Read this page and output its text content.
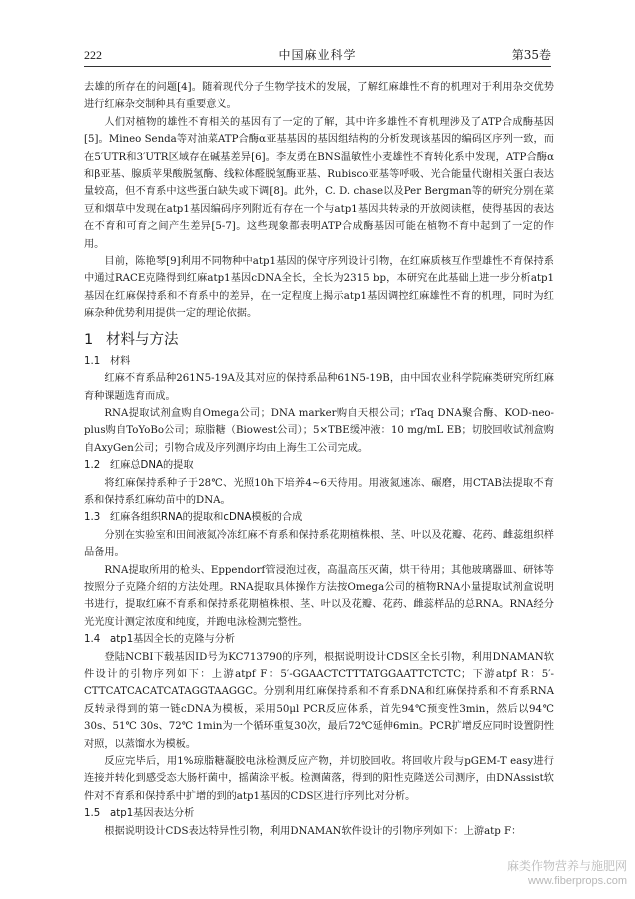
222	中国麻业科学	第35卷

去雄的所存在的问题[4]。随着现代分子生物学技术的发展，了解红麻雄性不育的机理对于利用杂交优势进行红麻杂交制种具有重要意义。

人们对植物的雄性不育相关的基因有了一定的了解，其中许多雄性不育机理涉及了ATP合成酶基因[5]。Mineo Senda等对油菜ATP合酶α亚基基因的基因组结构的分析发现该基因的编码区序列一致，而在5′UTR和3′UTR区域存在碱基差异[6]。李友勇在BNS温敏性小麦雄性不育转化系中发现，ATP合酶α和β亚基、腺质苹果酸脱氢酶、线粒体醛脱氢酶亚基、Rubisco亚基等呼吸、光合能量代谢相关蛋白表达量较高，但不育系中这些蛋白缺失或下调[8]。此外，C. D. chase以及Per Bergman等的研究分别在菜豆和烟草中发现在atp1基因编码序列附近有存在一个与atp1基因共转录的开放阅读框，使得基因的表达在不育和可育之间产生差异[5-7]。这些现象都表明ATP合成酶基因可能在植物不育中起到了一定的作用。

目前，陈艳琴[9]利用不同物种中atp1基因的保守序列设计引物，在红麻质核互作型雄性不育保持系中通过RACE克隆得到红麻atp1基因cDNA全长，全长为2315 bp，本研究在此基础上进一步分析atp1基因在红麻保持系和不育系中的差异，在一定程度上揭示atp1基因调控红麻雄性不育的机理，同时为红麻杂种优势利用提供一定的理论依据。

1 材料与方法
1.1 材料

红麻不育系品种261N5-19A及其对应的保持系品种61N5-19B，由中国农业科学院麻类研究所红麻育种课题选育而成。

RNA提取试剂盒购自Omega公司；DNA marker购自天根公司；rTaq DNA聚合酶、KOD-neo-plus购自ToYoBo公司；琼脂糖（Biowest公司）；5×TBE缓冲液：10 mg/mL EB；切胶回收试剂盒购自AxyGen公司；引物合成及序列测序均由上海生工公司完成。

1.2 红麻总DNA的提取

将红麻保持系种子于28℃、光照10h下培养4~6天待用。用液氮速冻、碾磨，用CTAB法提取不育系和保持系红麻幼苗中的DNA。

1.3 红麻各组织RNA的提取和cDNA模板的合成

分别在实验室和田间液氮冷冻红麻不育系和保持系花期植株根、茎、叶以及花瓣、花药、雌蕊组织样品备用。

RNA提取所用的枪头、Eppendorf管浸泡过夜，高温高压灭菌，烘干待用；其他玻璃器皿、研钵等按照分子克隆介绍的方法处理。RNA提取具体操作方法按Omega公司的植物RNA小量提取试剂盒说明书进行，提取红麻不育系和保持系花期植株根、茎、叶以及花瓣、花药、雌蕊样品的总RNA。RNA经分光光度计测定浓度和纯度，并跑电泳检测完整性。

1.4 atp1基因全长的克隆与分析

登陆NCBI下载基因ID号为KC713790的序列，根据说明设计CDS区全长引物，利用DNAMAN软件设计的引物序列如下：上游atpf F：5′-GGAACTCTTTATGGAATTCTCTC；下游atpf R：5′-CTTCATCACATCATAGGTAAGGC。分别利用红麻保持系和不育系DNA和红麻保持系和不育系RNA反转录得到的第一链cDNA为模板，采用50μl PCR反应体系，首先94℃预变性3min，然后以94℃ 30s、51℃ 30s、72℃ 1min为一个循环重复30次，最后72℃延伸6min。PCR扩增反应同时设置阴性对照，以蒸馏水为模板。

反应完毕后，用1%琼脂糖凝胶电泳检测反应产物，并切胶回收。将回收片段与pGEM-T easy进行连接并转化到感受态大肠杆菌中，摇菌涂平板。检测菌落，得到的阳性克隆送公司测序，由DNAssist软件对不育系和保持系中扩增的到的atp1基因的CDS区进行序列比对分析。

1.5 atp1基因表达分析

根据说明设计CDS表达特异性引物，利用DNAMAN软件设计的引物序列如下：上游atp F：

麻类作物营养与施肥网
www.fiberprops.com
